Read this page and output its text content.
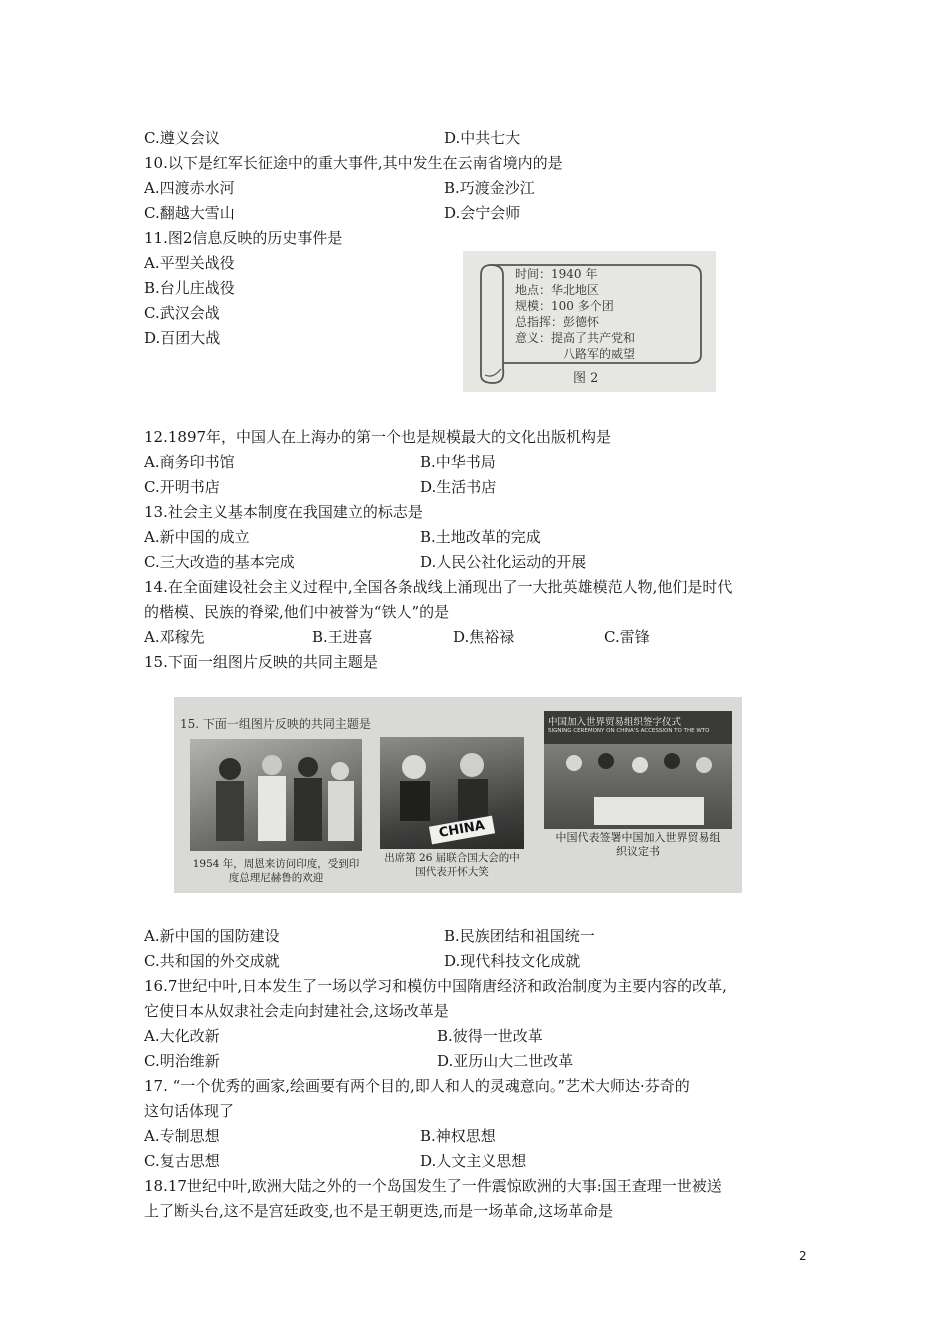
C.遵义会议	D.中共七大
10.以下是红军长征途中的重大事件,其中发生在云南省境内的是
A.四渡赤水河	B.巧渡金沙江
C.翻越大雪山	D.会宁会师
11.图2信息反映的历史事件是
A.平型关战役
B.台儿庄战役
C.武汉会战
D.百团大战
时间：1940 年
地点：华北地区
规模：100 多个团
总指挥：彭德怀
意义：提高了共产党和
八路军的威望
图 2
12.1897年，中国人在上海办的第一个也是规模最大的文化出版机构是
A.商务印书馆	B.中华书局
C.开明书店	D.生活书店
13.社会主义基本制度在我国建立的标志是
A.新中国的成立	B.土地改革的完成
C.三大改造的基本完成	D.人民公社化运动的开展
14.在全面建设社会主义过程中,全国各条战线上涌现出了一大批英雄模范人物,他们是时代
的楷模、民族的脊梁,他们中被誉为“铁人”的是
A.邓稼先	B.王进喜	D.焦裕禄	C.雷锋
15.下面一组图片反映的共同主题是
15. 下面一组图片反映的共同主题是
1954 年，周恩来访问印度，受到印度总理尼赫鲁的欢迎
CHINA
出席第 26 届联合国大会的中国代表开怀大笑
中国加入世界贸易组织签字仪式
SIGNING CEREMONY ON CHINA'S ACCESSION TO THE WTO
中国代表签署中国加入世界贸易组织议定书
A.新中国的国防建设	B.民族团结和祖国统一
C.共和国的外交成就	D.现代科技文化成就
16.7世纪中叶,日本发生了一场以学习和模仿中国隋唐经济和政治制度为主要内容的改革,
它使日本从奴隶社会走向封建社会,这场改革是
A.大化改新	B.彼得一世改革
C.明治维新	D.亚历山大二世改革
17. “一个优秀的画家,绘画要有两个目的,即人和人的灵魂意向。”艺术大师达·芬奇的
这句话体现了
A.专制思想	B.神权思想
C.复古思想	D.人文主义思想
18.17世纪中叶,欧洲大陆之外的一个岛国发生了一件震惊欧洲的大事:国王查理一世被送
上了断头台,这不是宫廷政变,也不是王朝更迭,而是一场革命,这场革命是
2
